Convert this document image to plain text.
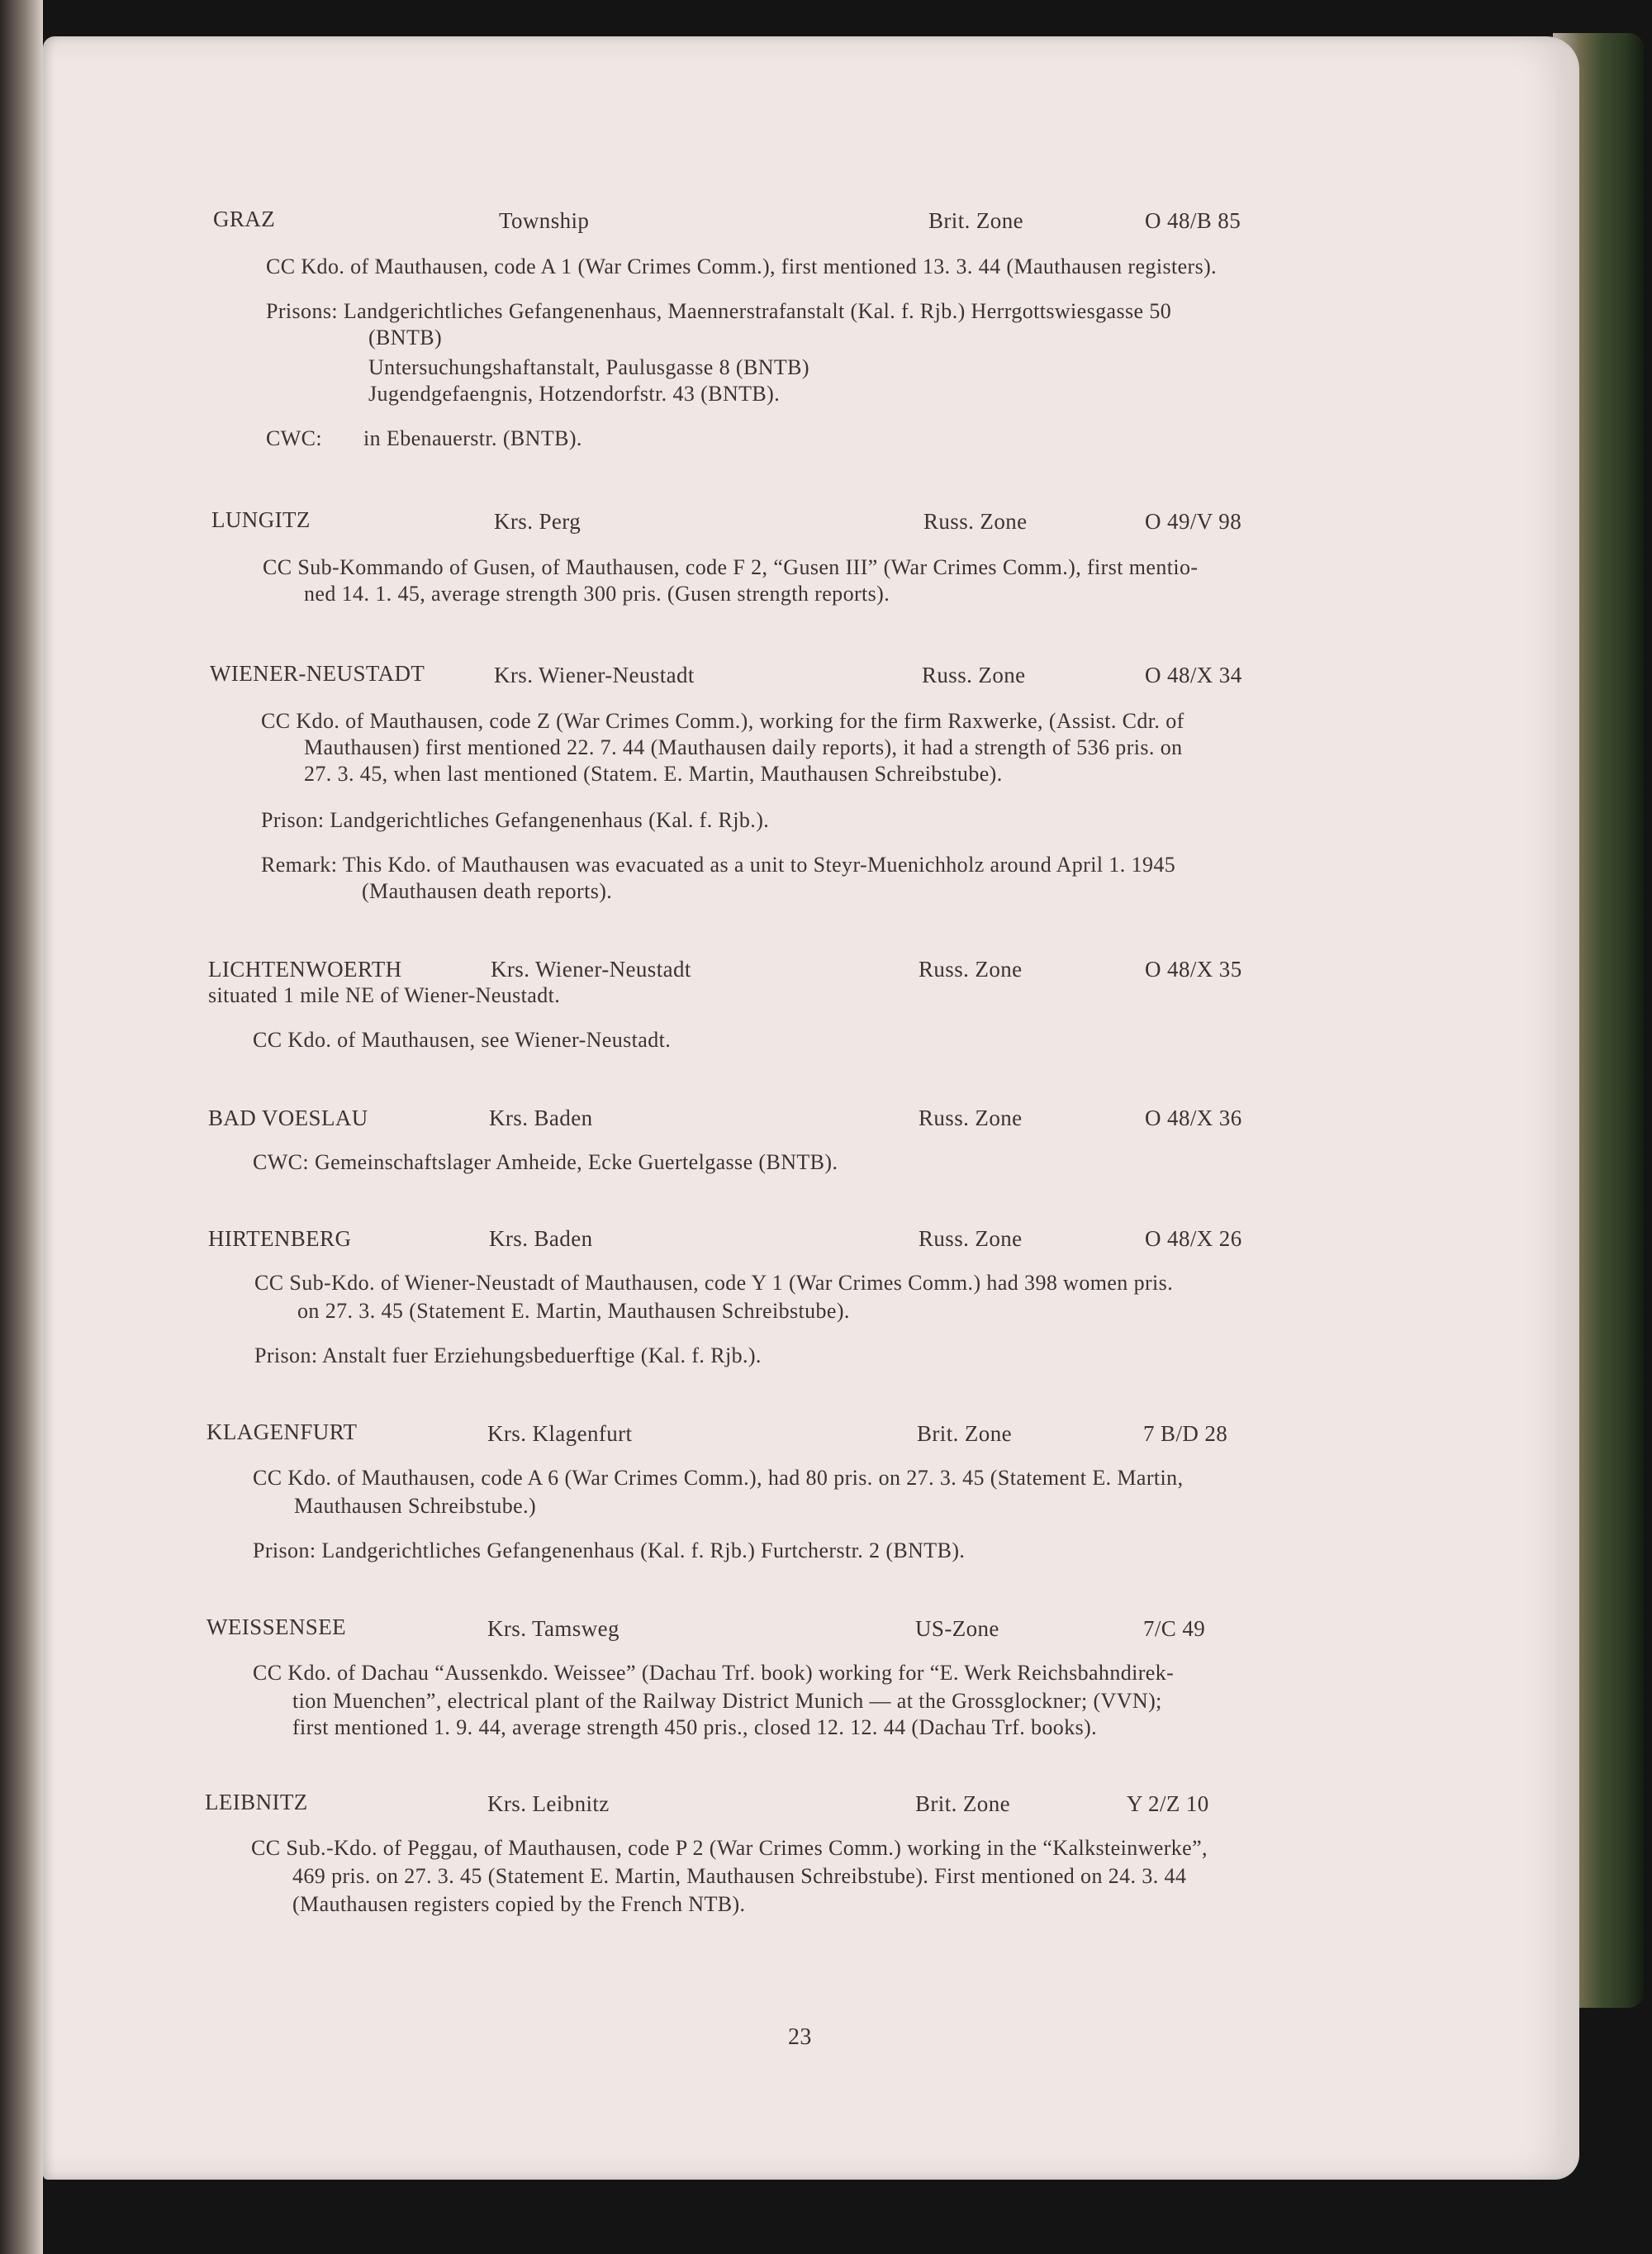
GRAZ	Township	Brit. Zone	O 48/B 85
CC Kdo. of Mauthausen, code A 1 (War Crimes Comm.), first mentioned 13. 3. 44 (Mauthausen registers).
Prisons: Landgerichtliches Gefangenenhaus, Maennerstrafanstalt (Kal. f. Rjb.) Herrgottswiesgasse 50
(BNTB)
Untersuchungshaftanstalt, Paulusgasse 8 (BNTB)
Jugendgefaengnis, Hotzendorfstr. 43 (BNTB).
CWC: in Ebenauerstr. (BNTB).
LUNGITZ	Krs. Perg	Russ. Zone	O 49/V 98
CC Sub-Kommando of Gusen, of Mauthausen, code F 2, “Gusen III” (War Crimes Comm.), first mentio-
ned 14. 1. 45, average strength 300 pris. (Gusen strength reports).
WIENER-NEUSTADT	Krs. Wiener-Neustadt	Russ. Zone	O 48/X 34
CC Kdo. of Mauthausen, code Z (War Crimes Comm.), working for the firm Raxwerke, (Assist. Cdr. of
Mauthausen) first mentioned 22. 7. 44 (Mauthausen daily reports), it had a strength of 536 pris. on
27. 3. 45, when last mentioned (Statem. E. Martin, Mauthausen Schreibstube).
Prison: Landgerichtliches Gefangenenhaus (Kal. f. Rjb.).
Remark: This Kdo. of Mauthausen was evacuated as a unit to Steyr-Muenichholz around April 1. 1945
(Mauthausen death reports).
LICHTENWOERTH	Krs. Wiener-Neustadt	Russ. Zone	O 48/X 35
situated 1 mile NE of Wiener-Neustadt.
CC Kdo. of Mauthausen, see Wiener-Neustadt.
BAD VOESLAU	Krs. Baden	Russ. Zone	O 48/X 36
CWC: Gemeinschaftslager Amheide, Ecke Guertelgasse (BNTB).
HIRTENBERG	Krs. Baden	Russ. Zone	O 48/X 26
CC Sub-Kdo. of Wiener-Neustadt of Mauthausen, code Y 1 (War Crimes Comm.) had 398 women pris.
on 27. 3. 45 (Statement E. Martin, Mauthausen Schreibstube).
Prison: Anstalt fuer Erziehungsbeduerftige (Kal. f. Rjb.).
KLAGENFURT	Krs. Klagenfurt	Brit. Zone	7 B/D 28
CC Kdo. of Mauthausen, code A 6 (War Crimes Comm.), had 80 pris. on 27. 3. 45 (Statement E. Martin,
Mauthausen Schreibstube.)
Prison: Landgerichtliches Gefangenenhaus (Kal. f. Rjb.) Furtcherstr. 2 (BNTB).
WEISSENSEE	Krs. Tamsweg	US-Zone	7/C 49
CC Kdo. of Dachau “Aussenkdo. Weissee” (Dachau Trf. book) working for “E. Werk Reichsbahndirek-
tion Muenchen”, electrical plant of the Railway District Munich — at the Grossglockner; (VVN);
first mentioned 1. 9. 44, average strength 450 pris., closed 12. 12. 44 (Dachau Trf. books).
LEIBNITZ	Krs. Leibnitz	Brit. Zone	Y 2/Z 10
CC Sub.-Kdo. of Peggau, of Mauthausen, code P 2 (War Crimes Comm.) working in the “Kalksteinwerke”,
469 pris. on 27. 3. 45 (Statement E. Martin, Mauthausen Schreibstube). First mentioned on 24. 3. 44
(Mauthausen registers copied by the French NTB).
23
